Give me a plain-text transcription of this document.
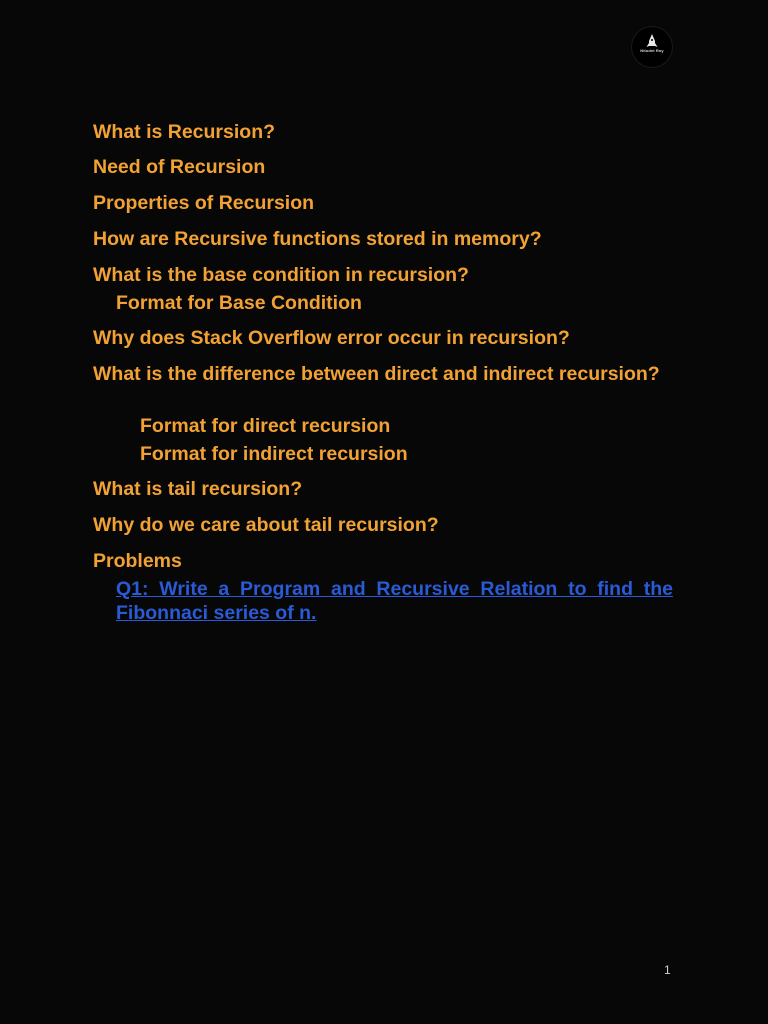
Nitudet Roy
What is Recursion?
Need of Recursion
Properties of Recursion
How are Recursive functions stored in memory?
What is the base condition in recursion?
Format for Base Condition
Why does Stack Overflow error occur in recursion?
What is the difference between direct and indirect recursion?
Format for direct recursion
Format for indirect recursion
What is tail recursion?
Why do we care about tail recursion?
Problems
Q1: Write a Program and Recursive Relation to find the Fibonnaci series of n.
1
